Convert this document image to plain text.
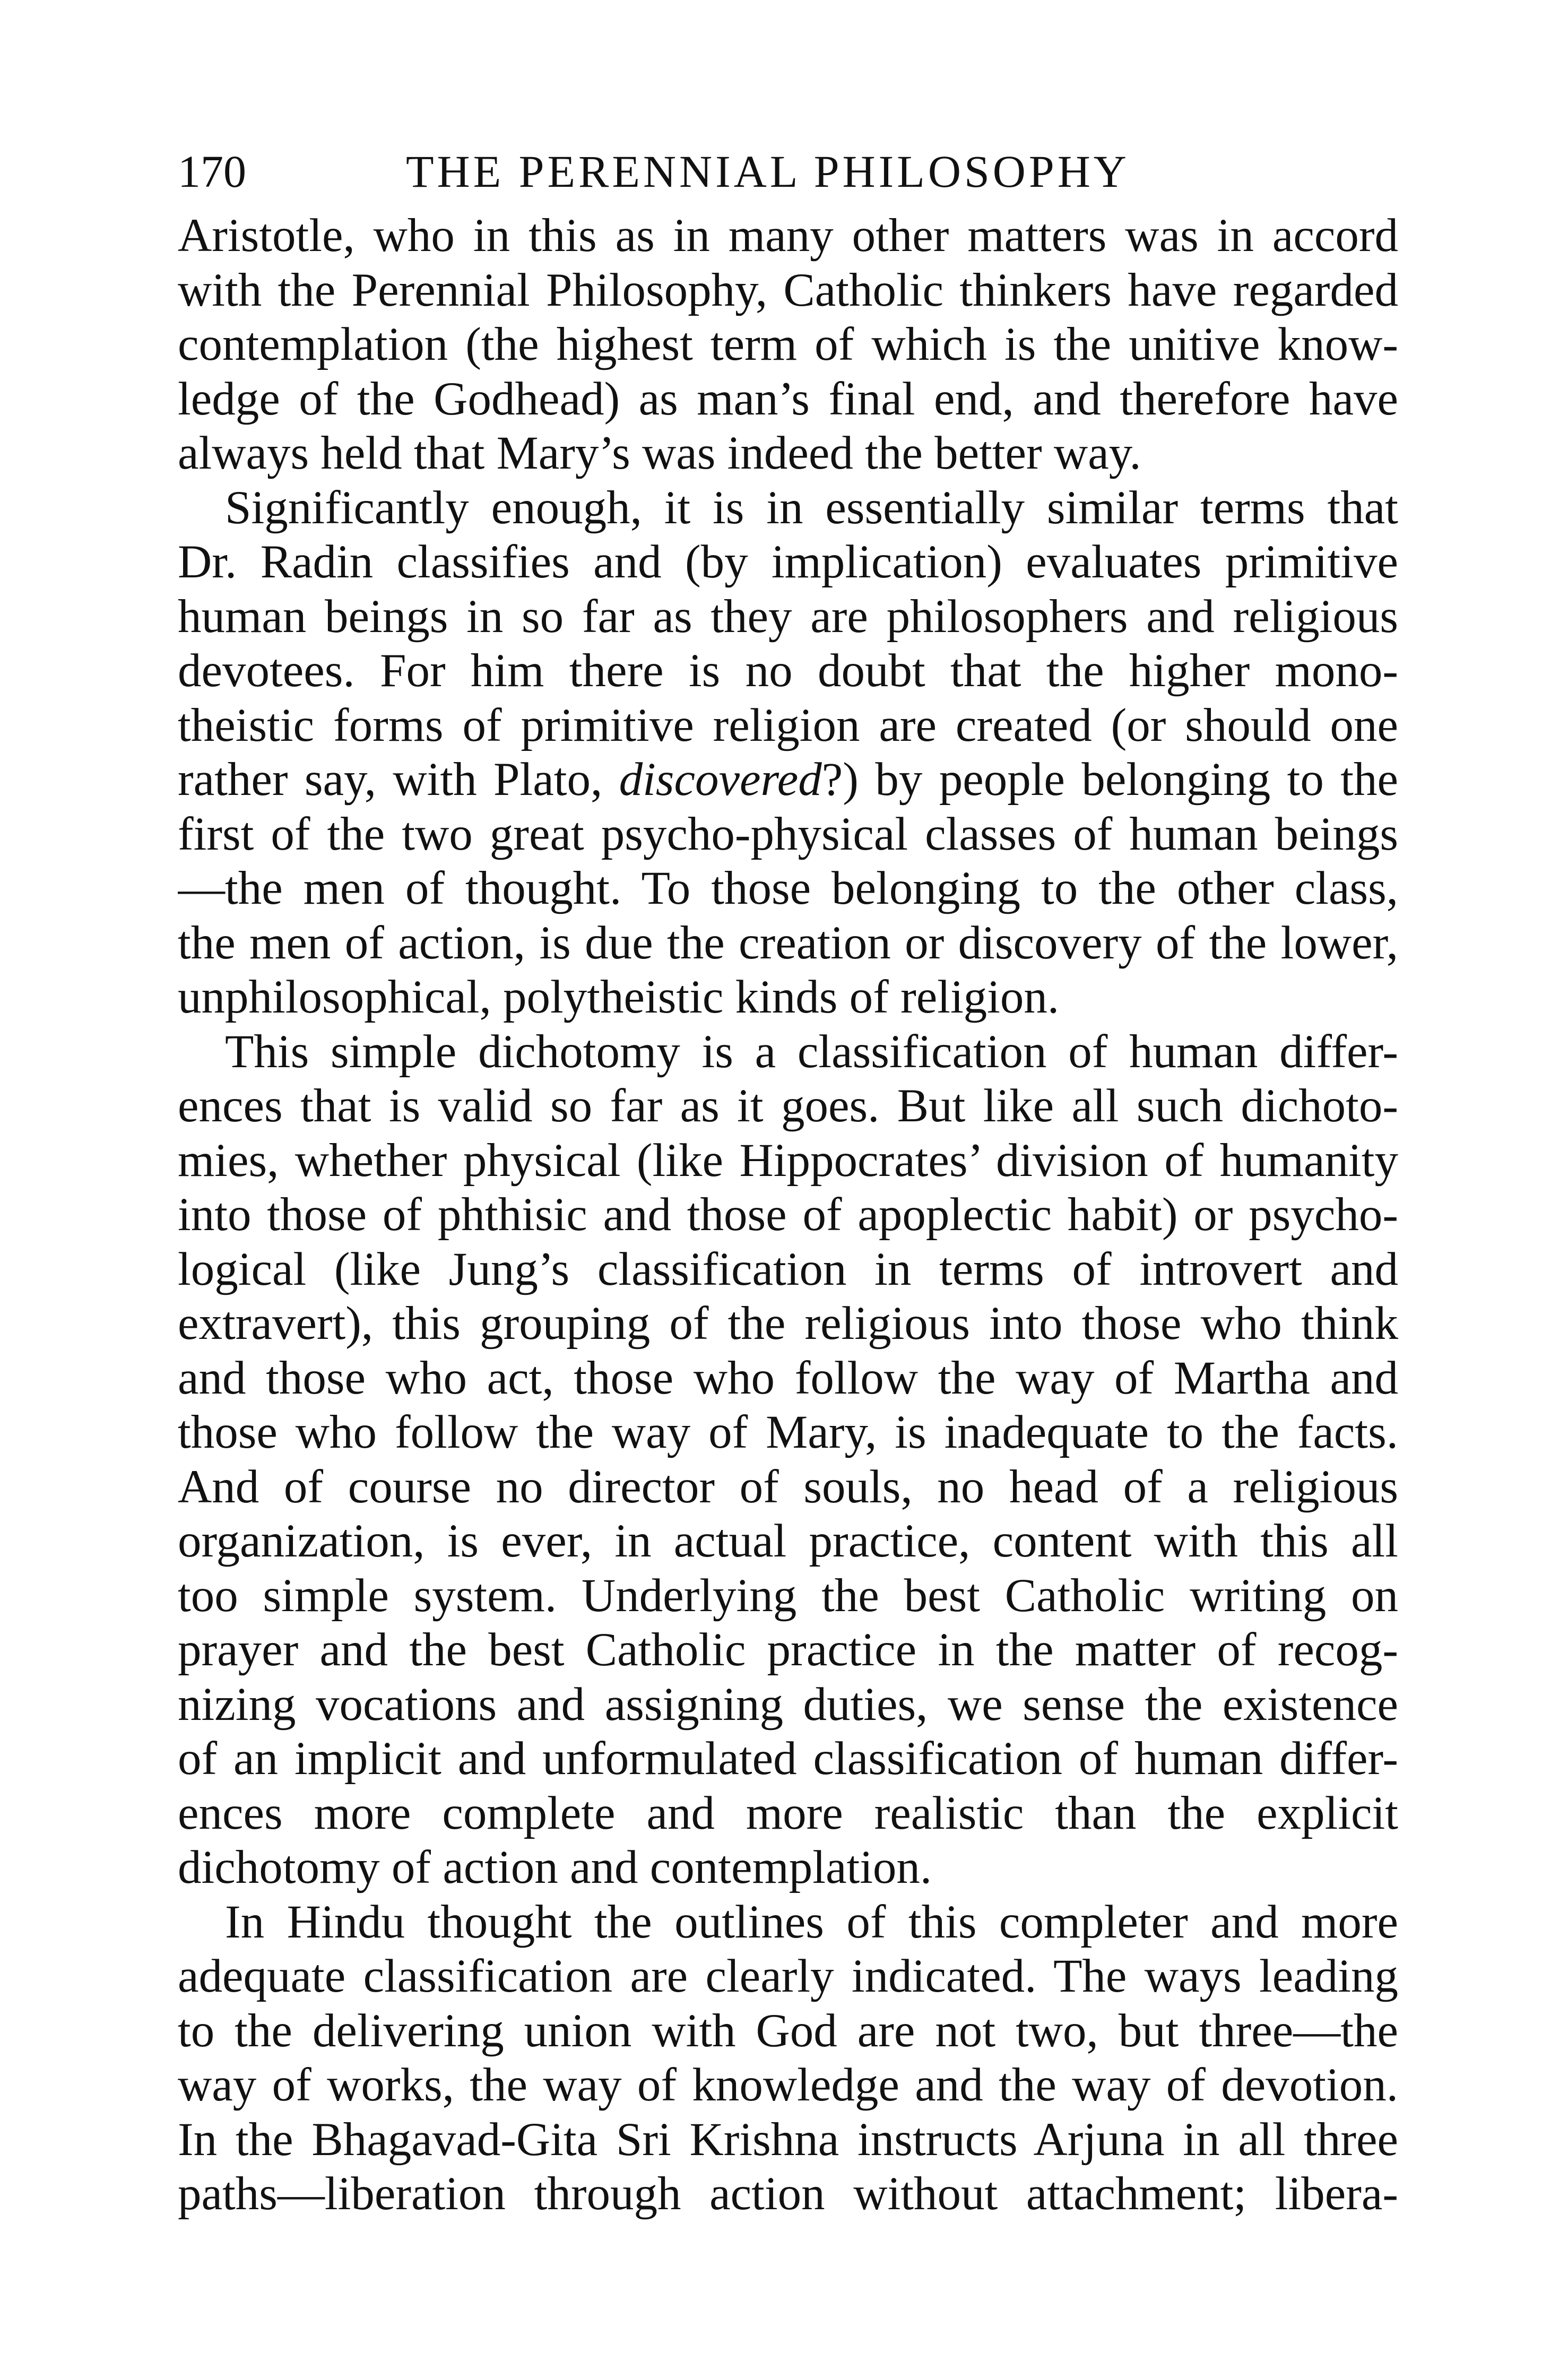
170	THE PERENNIAL PHILOSOPHY
Aristotle, who in this as in many other matters was in accord
with the Perennial Philosophy, Catholic thinkers have regarded
contemplation (the highest term of which is the unitive know-
ledge of the Godhead) as man’s final end, and therefore have
always held that Mary’s was indeed the better way.
Significantly enough, it is in essentially similar terms that
Dr. Radin classifies and (by implication) evaluates primitive
human beings in so far as they are philosophers and religious
devotees. For him there is no doubt that the higher mono-
theistic forms of primitive religion are created (or should one
rather say, with Plato, discovered?) by people belonging to the
first of the two great psycho-physical classes of human beings
—the men of thought. To those belonging to the other class,
the men of action, is due the creation or discovery of the lower,
unphilosophical, polytheistic kinds of religion.
This simple dichotomy is a classification of human differ-
ences that is valid so far as it goes. But like all such dichoto-
mies, whether physical (like Hippocrates’ division of humanity
into those of phthisic and those of apoplectic habit) or psycho-
logical (like Jung’s classification in terms of introvert and
extravert), this grouping of the religious into those who think
and those who act, those who follow the way of Martha and
those who follow the way of Mary, is inadequate to the facts.
And of course no director of souls, no head of a religious
organization, is ever, in actual practice, content with this all
too simple system. Underlying the best Catholic writing on
prayer and the best Catholic practice in the matter of recog-
nizing vocations and assigning duties, we sense the existence
of an implicit and unformulated classification of human differ-
ences more complete and more realistic than the explicit
dichotomy of action and contemplation.
In Hindu thought the outlines of this completer and more
adequate classification are clearly indicated. The ways leading
to the delivering union with God are not two, but three—the
way of works, the way of knowledge and the way of devotion.
In the Bhagavad-Gita Sri Krishna instructs Arjuna in all three
paths—liberation through action without attachment; libera-
